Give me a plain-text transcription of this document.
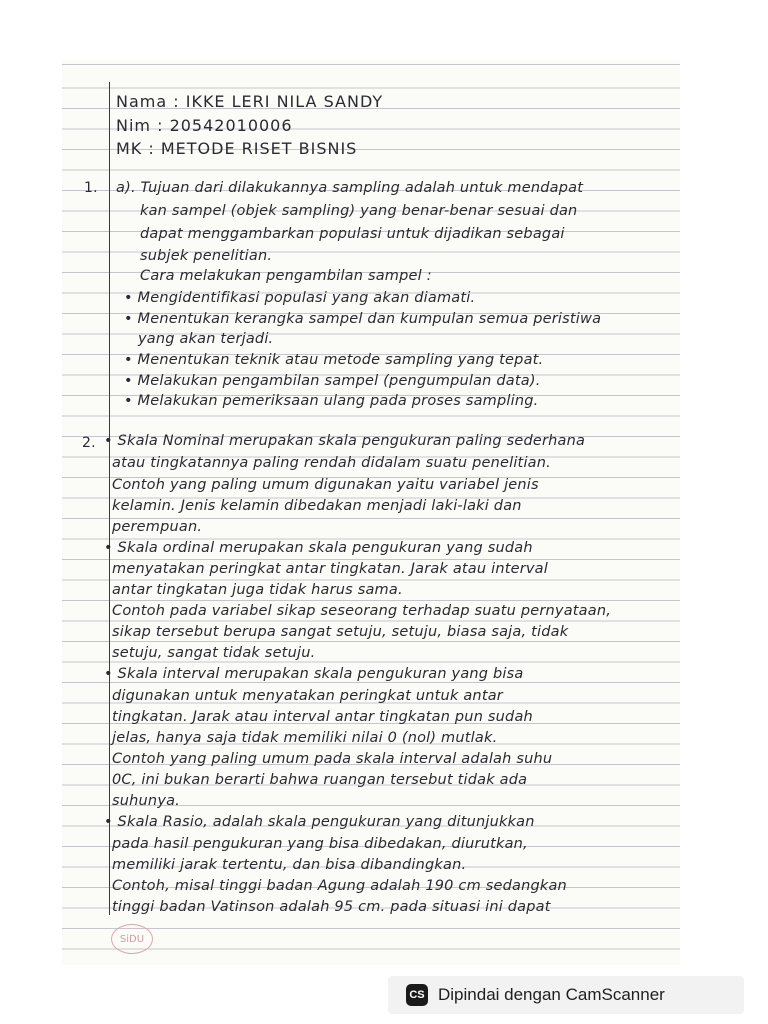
Nama : IKKE LERI NILA SANDY

Nim : 20542010006

MK : METODE RISET BISNIS

1. a). Tujuan dari dilakukannya sampling adalah untuk mendapat

kan sampel (objek sampling) yang benar-benar sesuai dan

dapat menggambarkan populasi untuk dijadikan sebagai

subjek penelitian.

Cara melakukan pengambilan sampel :

• Mengidentifikasi populasi yang akan diamati.

• Menentukan kerangka sampel dan kumpulan semua peristiwa

yang akan terjadi.

• Menentukan teknik atau metode sampling yang tepat.

• Melakukan pengambilan sampel (pengumpulan data).

• Melakukan pemeriksaan ulang pada proses sampling.

2. • Skala Nominal merupakan skala pengukuran paling sederhana

atau tingkatannya paling rendah didalam suatu penelitian.

Contoh yang paling umum digunakan yaitu variabel jenis

kelamin. Jenis kelamin dibedakan menjadi laki-laki dan

perempuan.

• Skala ordinal merupakan skala pengukuran yang sudah

menyatakan peringkat antar tingkatan. Jarak atau interval

antar tingkatan juga tidak harus sama.

Contoh pada variabel sikap seseorang terhadap suatu pernyataan,

sikap tersebut berupa sangat setuju, setuju, biasa saja, tidak

setuju, sangat tidak setuju.

• Skala interval merupakan skala pengukuran yang bisa

digunakan untuk menyatakan peringkat untuk antar

tingkatan. Jarak atau interval antar tingkatan pun sudah

jelas, hanya saja tidak memiliki nilai 0 (nol) mutlak.

Contoh yang paling umum pada skala interval adalah suhu

0C, ini bukan berarti bahwa ruangan tersebut tidak ada

suhunya.

• Skala Rasio, adalah skala pengukuran yang ditunjukkan

pada hasil pengukuran yang bisa dibedakan, diurutkan,

memiliki jarak tertentu, dan bisa dibandingkan.

Contoh, misal tinggi badan Agung adalah 190 cm sedangkan

tinggi badan Vatinson adalah 95 cm. pada situasi ini dapat

SiDU
CS Dipindai dengan CamScanner
